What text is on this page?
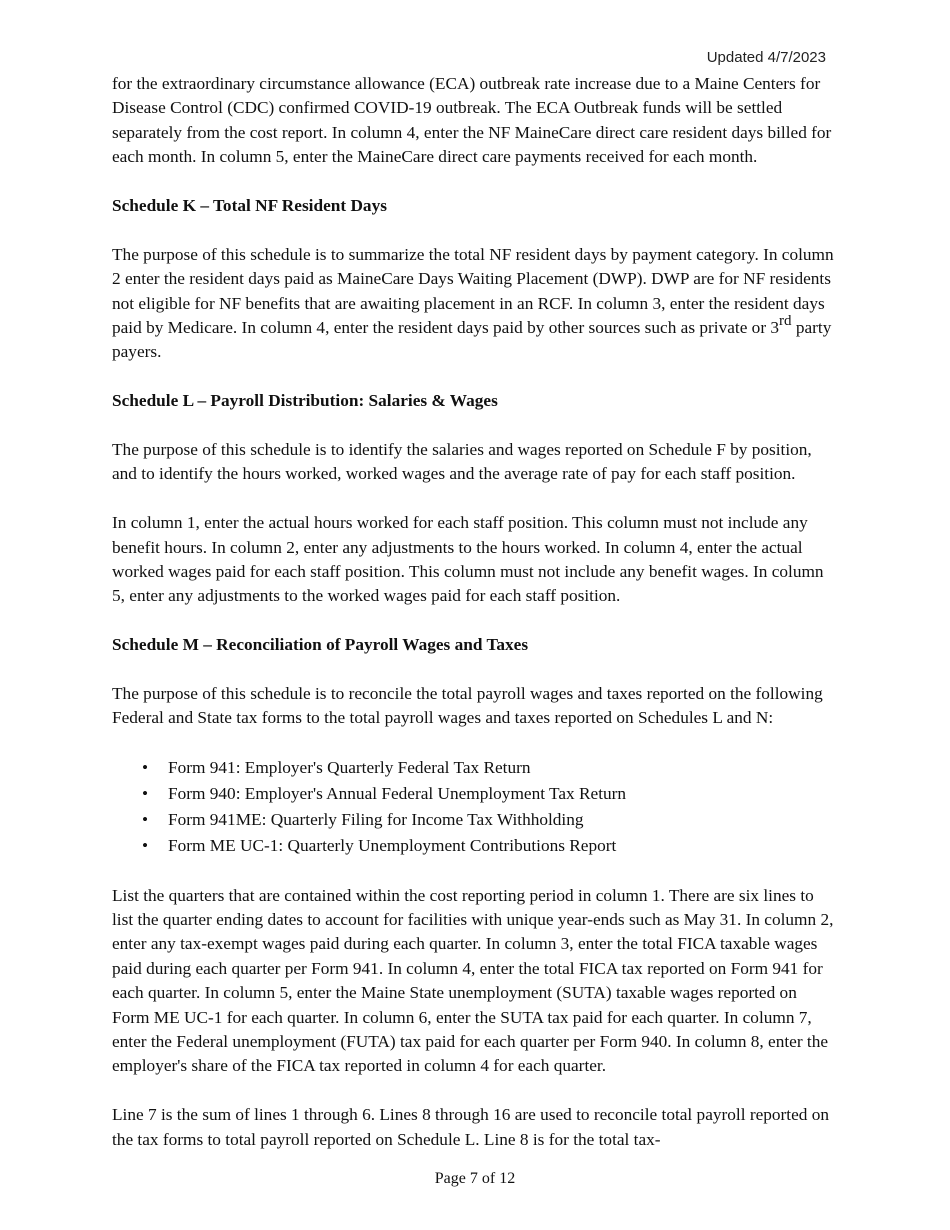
Updated 4/7/2023

for the extraordinary circumstance allowance (ECA) outbreak rate increase due to a Maine Centers for Disease Control (CDC) confirmed COVID-19 outbreak. The ECA Outbreak funds will be settled separately from the cost report. In column 4, enter the NF MaineCare direct care resident days billed for each month. In column 5, enter the MaineCare direct care payments received for each month.

Schedule K – Total NF Resident Days

The purpose of this schedule is to summarize the total NF resident days by payment category. In column 2 enter the resident days paid as MaineCare Days Waiting Placement (DWP). DWP are for NF residents not eligible for NF benefits that are awaiting placement in an RCF. In column 3, enter the resident days paid by Medicare. In column 4, enter the resident days paid by other sources such as private or 3rd party payers.

Schedule L – Payroll Distribution: Salaries & Wages

The purpose of this schedule is to identify the salaries and wages reported on Schedule F by position, and to identify the hours worked, worked wages and the average rate of pay for each staff position.

In column 1, enter the actual hours worked for each staff position. This column must not include any benefit hours. In column 2, enter any adjustments to the hours worked. In column 4, enter the actual worked wages paid for each staff position. This column must not include any benefit wages. In column 5, enter any adjustments to the worked wages paid for each staff position.

Schedule M – Reconciliation of Payroll Wages and Taxes

The purpose of this schedule is to reconcile the total payroll wages and taxes reported on the following Federal and State tax forms to the total payroll wages and taxes reported on Schedules L and N:

• Form 941: Employer's Quarterly Federal Tax Return
• Form 940: Employer's Annual Federal Unemployment Tax Return
• Form 941ME: Quarterly Filing for Income Tax Withholding
• Form ME UC-1: Quarterly Unemployment Contributions Report

List the quarters that are contained within the cost reporting period in column 1. There are six lines to list the quarter ending dates to account for facilities with unique year-ends such as May 31. In column 2, enter any tax-exempt wages paid during each quarter. In column 3, enter the total FICA taxable wages paid during each quarter per Form 941. In column 4, enter the total FICA tax reported on Form 941 for each quarter. In column 5, enter the Maine State unemployment (SUTA) taxable wages reported on Form ME UC-1 for each quarter. In column 6, enter the SUTA tax paid for each quarter. In column 7, enter the Federal unemployment (FUTA) tax paid for each quarter per Form 940. In column 8, enter the employer's share of the FICA tax reported in column 4 for each quarter.

Line 7 is the sum of lines 1 through 6. Lines 8 through 16 are used to reconcile total payroll reported on the tax forms to total payroll reported on Schedule L. Line 8 is for the total tax-

Page 7 of 12
